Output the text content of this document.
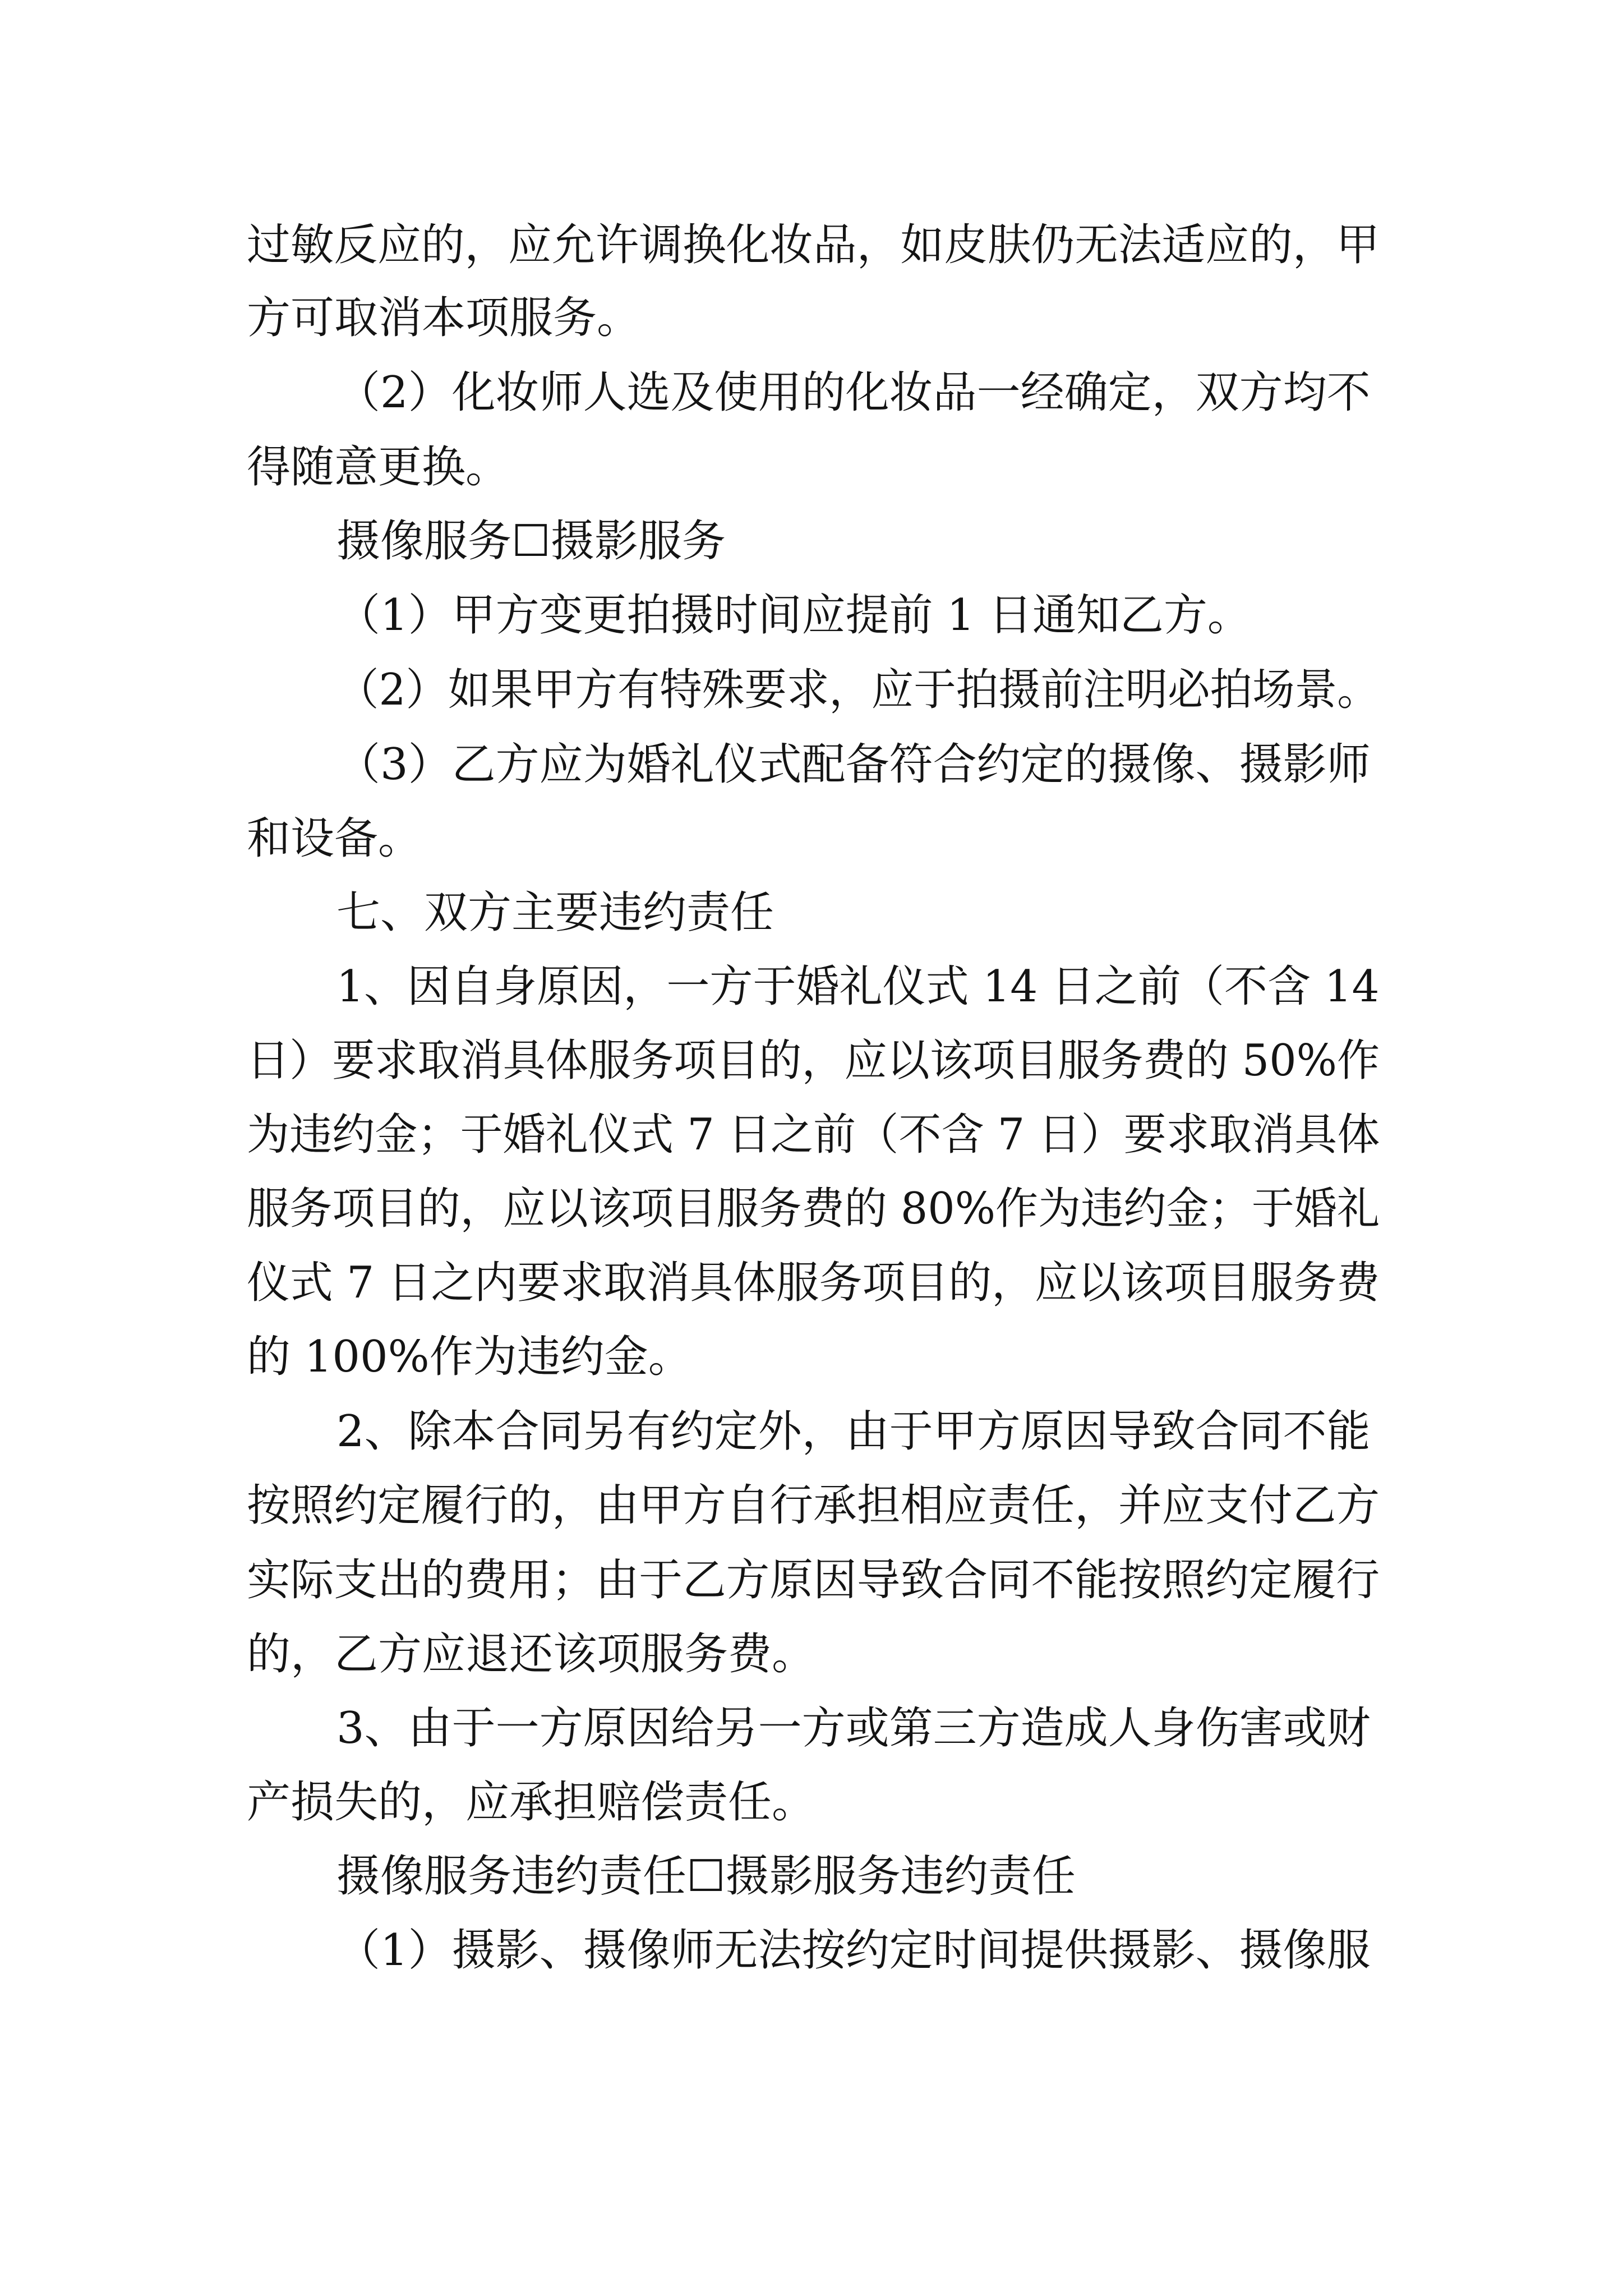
过敏反应的，应允许调换化妆品，如皮肤仍无法适应的，甲
方可取消本项服务。
（2）化妆师人选及使用的化妆品一经确定，双方均不
得随意更换。
摄像服务☐摄影服务
（1）甲方变更拍摄时间应提前 1 日通知乙方。
（2）如果甲方有特殊要求，应于拍摄前注明必拍场景。
（3）乙方应为婚礼仪式配备符合约定的摄像、摄影师
和设备。
七、双方主要违约责任
1、因自身原因，一方于婚礼仪式 14 日之前（不含 14
日）要求取消具体服务项目的，应以该项目服务费的 50%作
为违约金；于婚礼仪式 7 日之前（不含 7 日）要求取消具体
服务项目的，应以该项目服务费的 80%作为违约金；于婚礼
仪式 7 日之内要求取消具体服务项目的，应以该项目服务费
的 100%作为违约金。
2、除本合同另有约定外，由于甲方原因导致合同不能
按照约定履行的，由甲方自行承担相应责任，并应支付乙方
实际支出的费用；由于乙方原因导致合同不能按照约定履行
的，乙方应退还该项服务费。
3、由于一方原因给另一方或第三方造成人身伤害或财
产损失的，应承担赔偿责任。
摄像服务违约责任☐摄影服务违约责任
（1）摄影、摄像师无法按约定时间提供摄影、摄像服
